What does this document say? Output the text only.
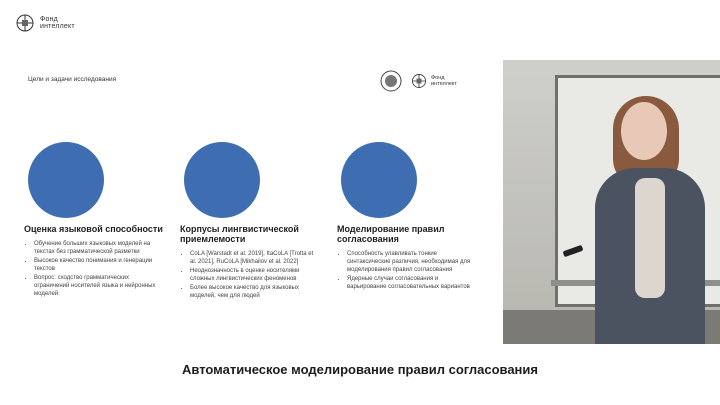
Фонд
интеллект
Цели и задачи исследования	Фонд
интеллект
Оценка языковой способности
• Обучение больших языковых моделей на текстах без грамматической разметки
• Высокое качество понимания и генерации текстов
• Вопрос: сходство грамматических ограничений носителей языка и нейронных моделей
Корпусы лингвистической приемлемости
• CoLA [Warstadt et al. 2019], ItaCoLA [Trotta et al. 2021], RuCoLA [Mikhailov et al. 2022]
• Неоднозначность в оценке носителями сложных лингвистических феноменов
• Более высокое качество для языковых моделей, чем для людей
Моделирование правил согласования
• Способность улавливать тонкие синтаксические различия, необходимая для моделирования правил согласования
• Ядерные случаи согласования и варьирование согласовательных вариантов
Автоматическое моделирование правил согласования
